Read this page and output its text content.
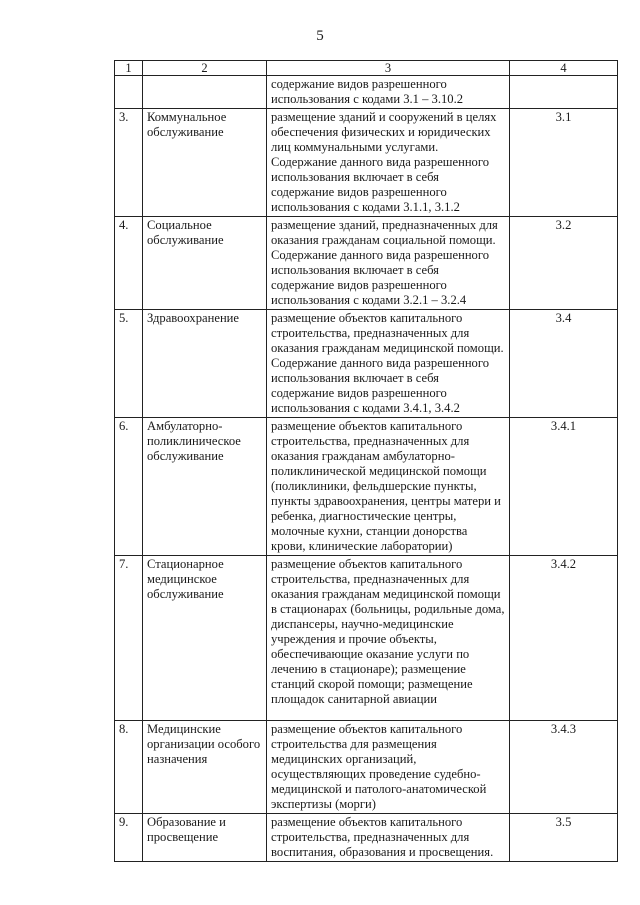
5
1	2	3	4
		содержание видов разрешенного использования с кодами 3.1 – 3.10.2	
3.	Коммунальное обслуживание	размещение зданий и сооружений в целях обеспечения физических и юридических лиц коммунальными услугами. Содержание данного вида разрешенного использования включает в себя содержание видов разрешенного использования с кодами 3.1.1, 3.1.2	3.1
4.	Социальное обслуживание	размещение зданий, предназначенных для оказания гражданам социальной помощи. Содержание данного вида разрешенного использования включает в себя содержание видов разрешенного использования с кодами 3.2.1 – 3.2.4	3.2
5.	Здравоохранение	размещение объектов капитального строительства, предназначенных для оказания гражданам медицинской помощи. Содержание данного вида разрешенного использования включает в себя содержание видов разрешенного использования с кодами 3.4.1, 3.4.2	3.4
6.	Амбулаторно-поликлиническое обслуживание	размещение объектов капитального строительства, предназначенных для оказания гражданам амбулаторно-поликлинической медицинской помощи (поликлиники, фельдшерские пункты, пункты здравоохранения, центры матери и ребенка, диагностические центры, молочные кухни, станции донорства крови, клинические лаборатории)	3.4.1
7.	Стационарное медицинское обслуживание	размещение объектов капитального строительства, предназначенных для оказания гражданам медицинской помощи в стационарах (больницы, родильные дома, диспансеры, научно-медицинские учреждения и прочие объекты, обеспечивающие оказание услуги по лечению в стационаре); размещение станций скорой помощи; размещение площадок санитарной авиации	3.4.2
8.	Медицинские организации особого назначения	размещение объектов капитального строительства для размещения медицинских организаций, осуществляющих проведение судебно-медицинской и патолого-анатомической экспертизы (морги)	3.4.3
9.	Образование и просвещение	размещение объектов капитального строительства, предназначенных для воспитания, образования и просвещения.	3.5
